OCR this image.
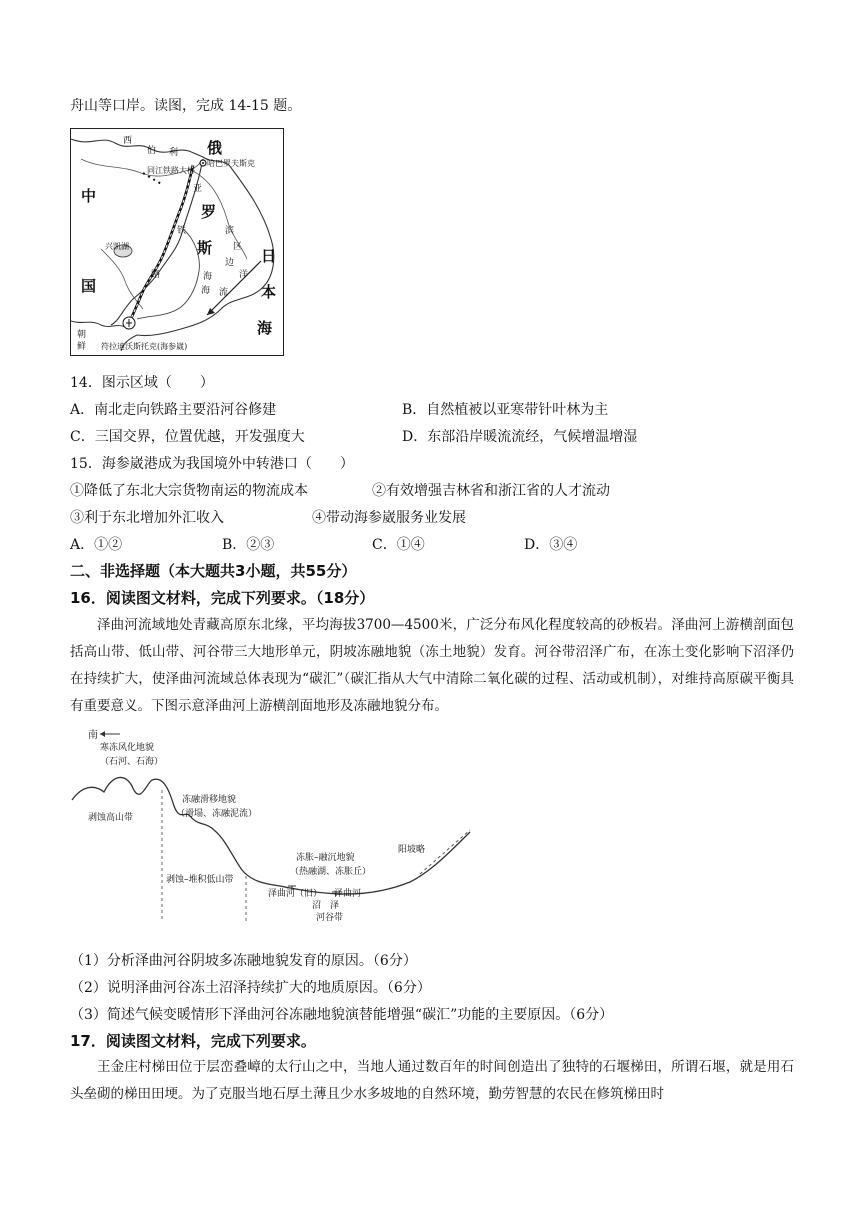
舟山等口岸。读图，完成 14-15 题。
西
伯 利
亚
俄
罗
斯
中
国
日
本
海
铁
路
滨
海
区
边
流
洋
海
朝
鲜
哈巴罗夫斯克
同江铁路大桥
兴凯湖
符拉迪沃斯托克(海参崴)
14．图示区域（　　）
A．南北走向铁路主要沿河谷修建	B．自然植被以亚寒带针叶林为主
C．三国交界，位置优越，开发强度大	D．东部沿岸暖流流经，气候增温增湿
15．海参崴港成为我国境外中转港口（　　）
①降低了东北大宗货物南运的物流成本	②有效增强吉林省和浙江省的人才流动
③利于东北增加外汇收入	④带动海参崴服务业发展
A．①②	B．②③	C．①④	D．③④
二、非选择题（本大题共3小题，共55分）
16．阅读图文材料，完成下列要求。（18分）
泽曲河流域地处青藏高原东北缘，平均海拔3700—4500米，广泛分布风化程度较高的砂板岩。泽曲河上游横剖面包括高山带、低山带、河谷带三大地形单元，阴坡冻融地貌（冻土地貌）发育。河谷带沼泽广布，在冻土变化影响下沼泽仍在持续扩大，使泽曲河流域总体表现为“碳汇”（碳汇指从大气中清除二氧化碳的过程、活动或机制），对维持高原碳平衡具有重要意义。下图示意泽曲河上游横剖面地形及冻融地貌分布。
南
寒冻风化地貌
（石河、石海）
剥蚀高山带
冻融滑移地貌
（滑塌、冻融泥流）
剥蚀–堆积低山带
冻胀–融沉地貌
（热融湖、冻胀丘）
阳坡略
泽曲河（旧） 泽曲河
沼　泽
河谷带
（1）分析泽曲河谷阴坡多冻融地貌发育的原因。（6分）
（2）说明泽曲河谷冻土沼泽持续扩大的地质原因。（6分）
（3）简述气候变暖情形下泽曲河谷冻融地貌演替能增强“碳汇”功能的主要原因。（6分）
17．阅读图文材料，完成下列要求。
王金庄村梯田位于层峦叠嶂的太行山之中，当地人通过数百年的时间创造出了独特的石堰梯田，所谓石堰，就是用石头垒砌的梯田田埂。为了克服当地石厚土薄且少水多坡地的自然环境，勤劳智慧的农民在修筑梯田时
